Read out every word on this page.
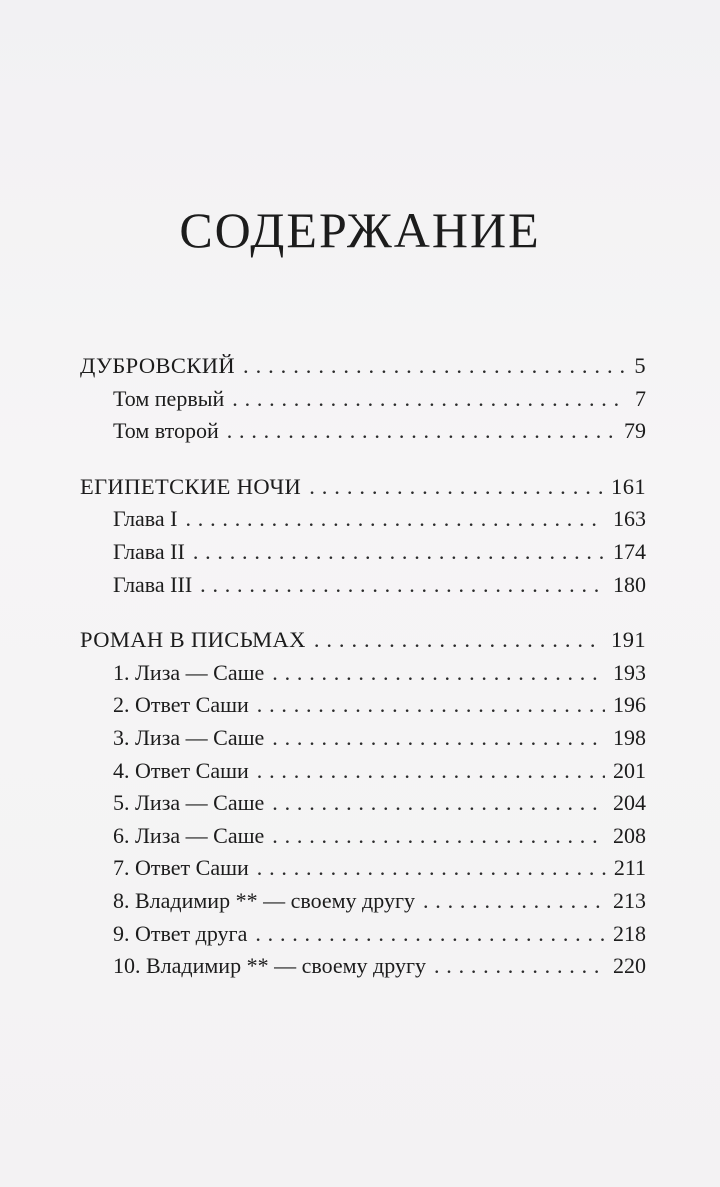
СОДЕРЖАНИЕ
ДУБРОВСКИЙ . . .	5
Том первый . . .	7
Том второй . . .	79
ЕГИПЕТСКИЕ НОЧИ . . .	161
Глава I . . .	163
Глава II . . .	174
Глава III . . .	180
РОМАН В ПИСЬМАХ . . .	191
1. Лиза — Саше . . .	193
2. Ответ Саши . . .	196
3. Лиза — Саше . . .	198
4. Ответ Саши . . .	201
5. Лиза — Саше . . .	204
6. Лиза — Саше . . .	208
7. Ответ Саши . . .	211
8. Владимир ** — своему другу . . .	213
9. Ответ друга . . .	218
10. Владимир ** — своему другу . . .	220
